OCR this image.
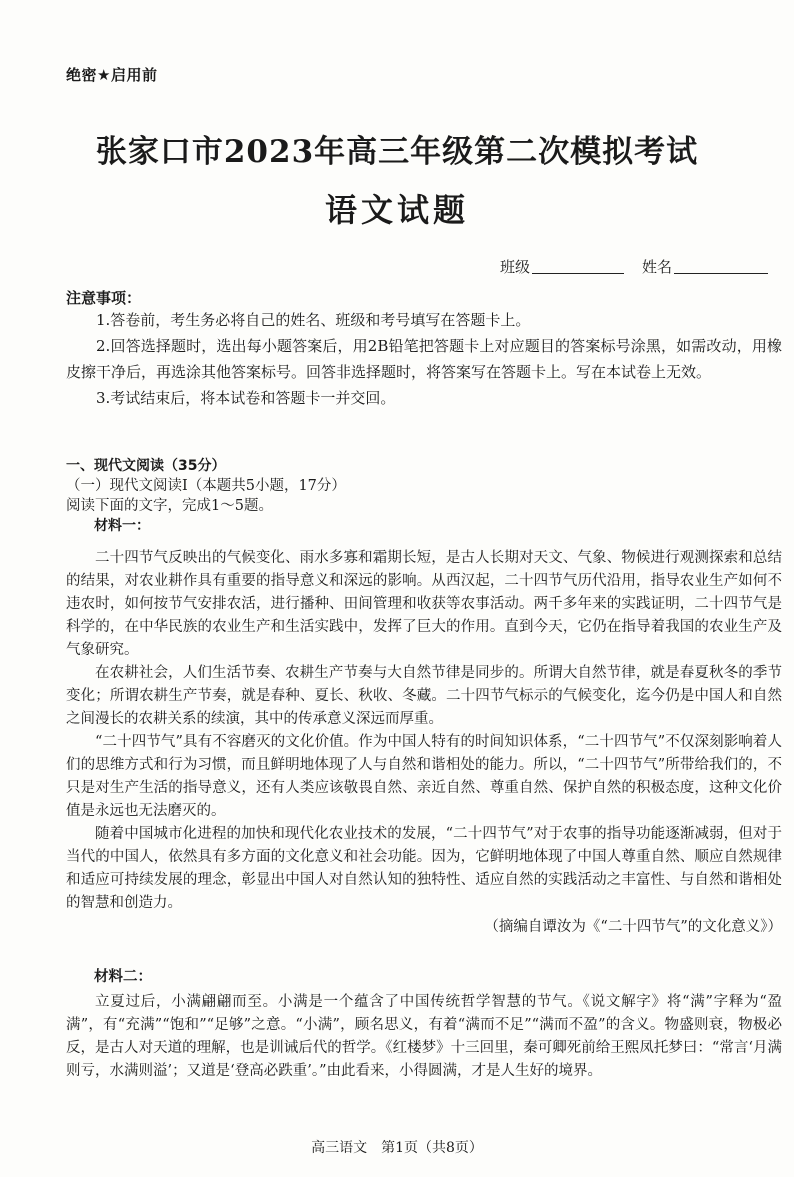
绝密★启用前
张家口市2023年高三年级第二次模拟考试
语文试题
班级	姓名
注意事项：

1.答卷前，考生务必将自己的姓名、班级和考号填写在答题卡上。

2.回答选择题时，选出每小题答案后，用2B铅笔把答题卡上对应题目的答案标号涂黑，如需改动，用橡皮擦干净后，再选涂其他答案标号。回答非选择题时，将答案写在答题卡上。写在本试卷上无效。

3.考试结束后，将本试卷和答题卡一并交回。

一、现代文阅读（35分）
（一）现代文阅读Ⅰ（本题共5小题，17分）
阅读下面的文字，完成1～5题。
材料一：

二十四节气反映出的气候变化、雨水多寡和霜期长短，是古人长期对天文、气象、物候进行观测探索和总结的结果，对农业耕作具有重要的指导意义和深远的影响。从西汉起，二十四节气历代沿用，指导农业生产如何不违农时，如何按节气安排农活，进行播种、田间管理和收获等农事活动。两千多年来的实践证明，二十四节气是科学的，在中华民族的农业生产和生活实践中，发挥了巨大的作用。直到今天，它仍在指导着我国的农业生产及气象研究。

在农耕社会，人们生活节奏、农耕生产节奏与大自然节律是同步的。所谓大自然节律，就是春夏秋冬的季节变化；所谓农耕生产节奏，就是春种、夏长、秋收、冬藏。二十四节气标示的气候变化，迄今仍是中国人和自然之间漫长的农耕关系的续演，其中的传承意义深远而厚重。

“二十四节气”具有不容磨灭的文化价值。作为中国人特有的时间知识体系，“二十四节气”不仅深刻影响着人们的思维方式和行为习惯，而且鲜明地体现了人与自然和谐相处的能力。所以，“二十四节气”所带给我们的，不只是对生产生活的指导意义，还有人类应该敬畏自然、亲近自然、尊重自然、保护自然的积极态度，这种文化价值是永远也无法磨灭的。

随着中国城市化进程的加快和现代化农业技术的发展，“二十四节气”对于农事的指导功能逐渐减弱，但对于当代的中国人，依然具有多方面的文化意义和社会功能。因为，它鲜明地体现了中国人尊重自然、顺应自然规律和适应可持续发展的理念，彰显出中国人对自然认知的独特性、适应自然的实践活动之丰富性、与自然和谐相处的智慧和创造力。

（摘编自谭汝为《“二十四节气”的文化意义》）

材料二：

立夏过后，小满翩翩而至。小满是一个蕴含了中国传统哲学智慧的节气。《说文解字》将“满”字释为“盈满”，有“充满”“饱和”“足够”之意。“小满”，顾名思义，有着“满而不足”“满而不盈”的含义。物盛则衰，物极必反，是古人对天道的理解，也是训诫后代的哲学。《红楼梦》十三回里，秦可卿死前给王熙凤托梦曰：“常言‘月满则亏，水满则溢’；又道是‘登高必跌重’。”由此看来，小得圆满，才是人生好的境界。

高三语文　第1页（共8页）
